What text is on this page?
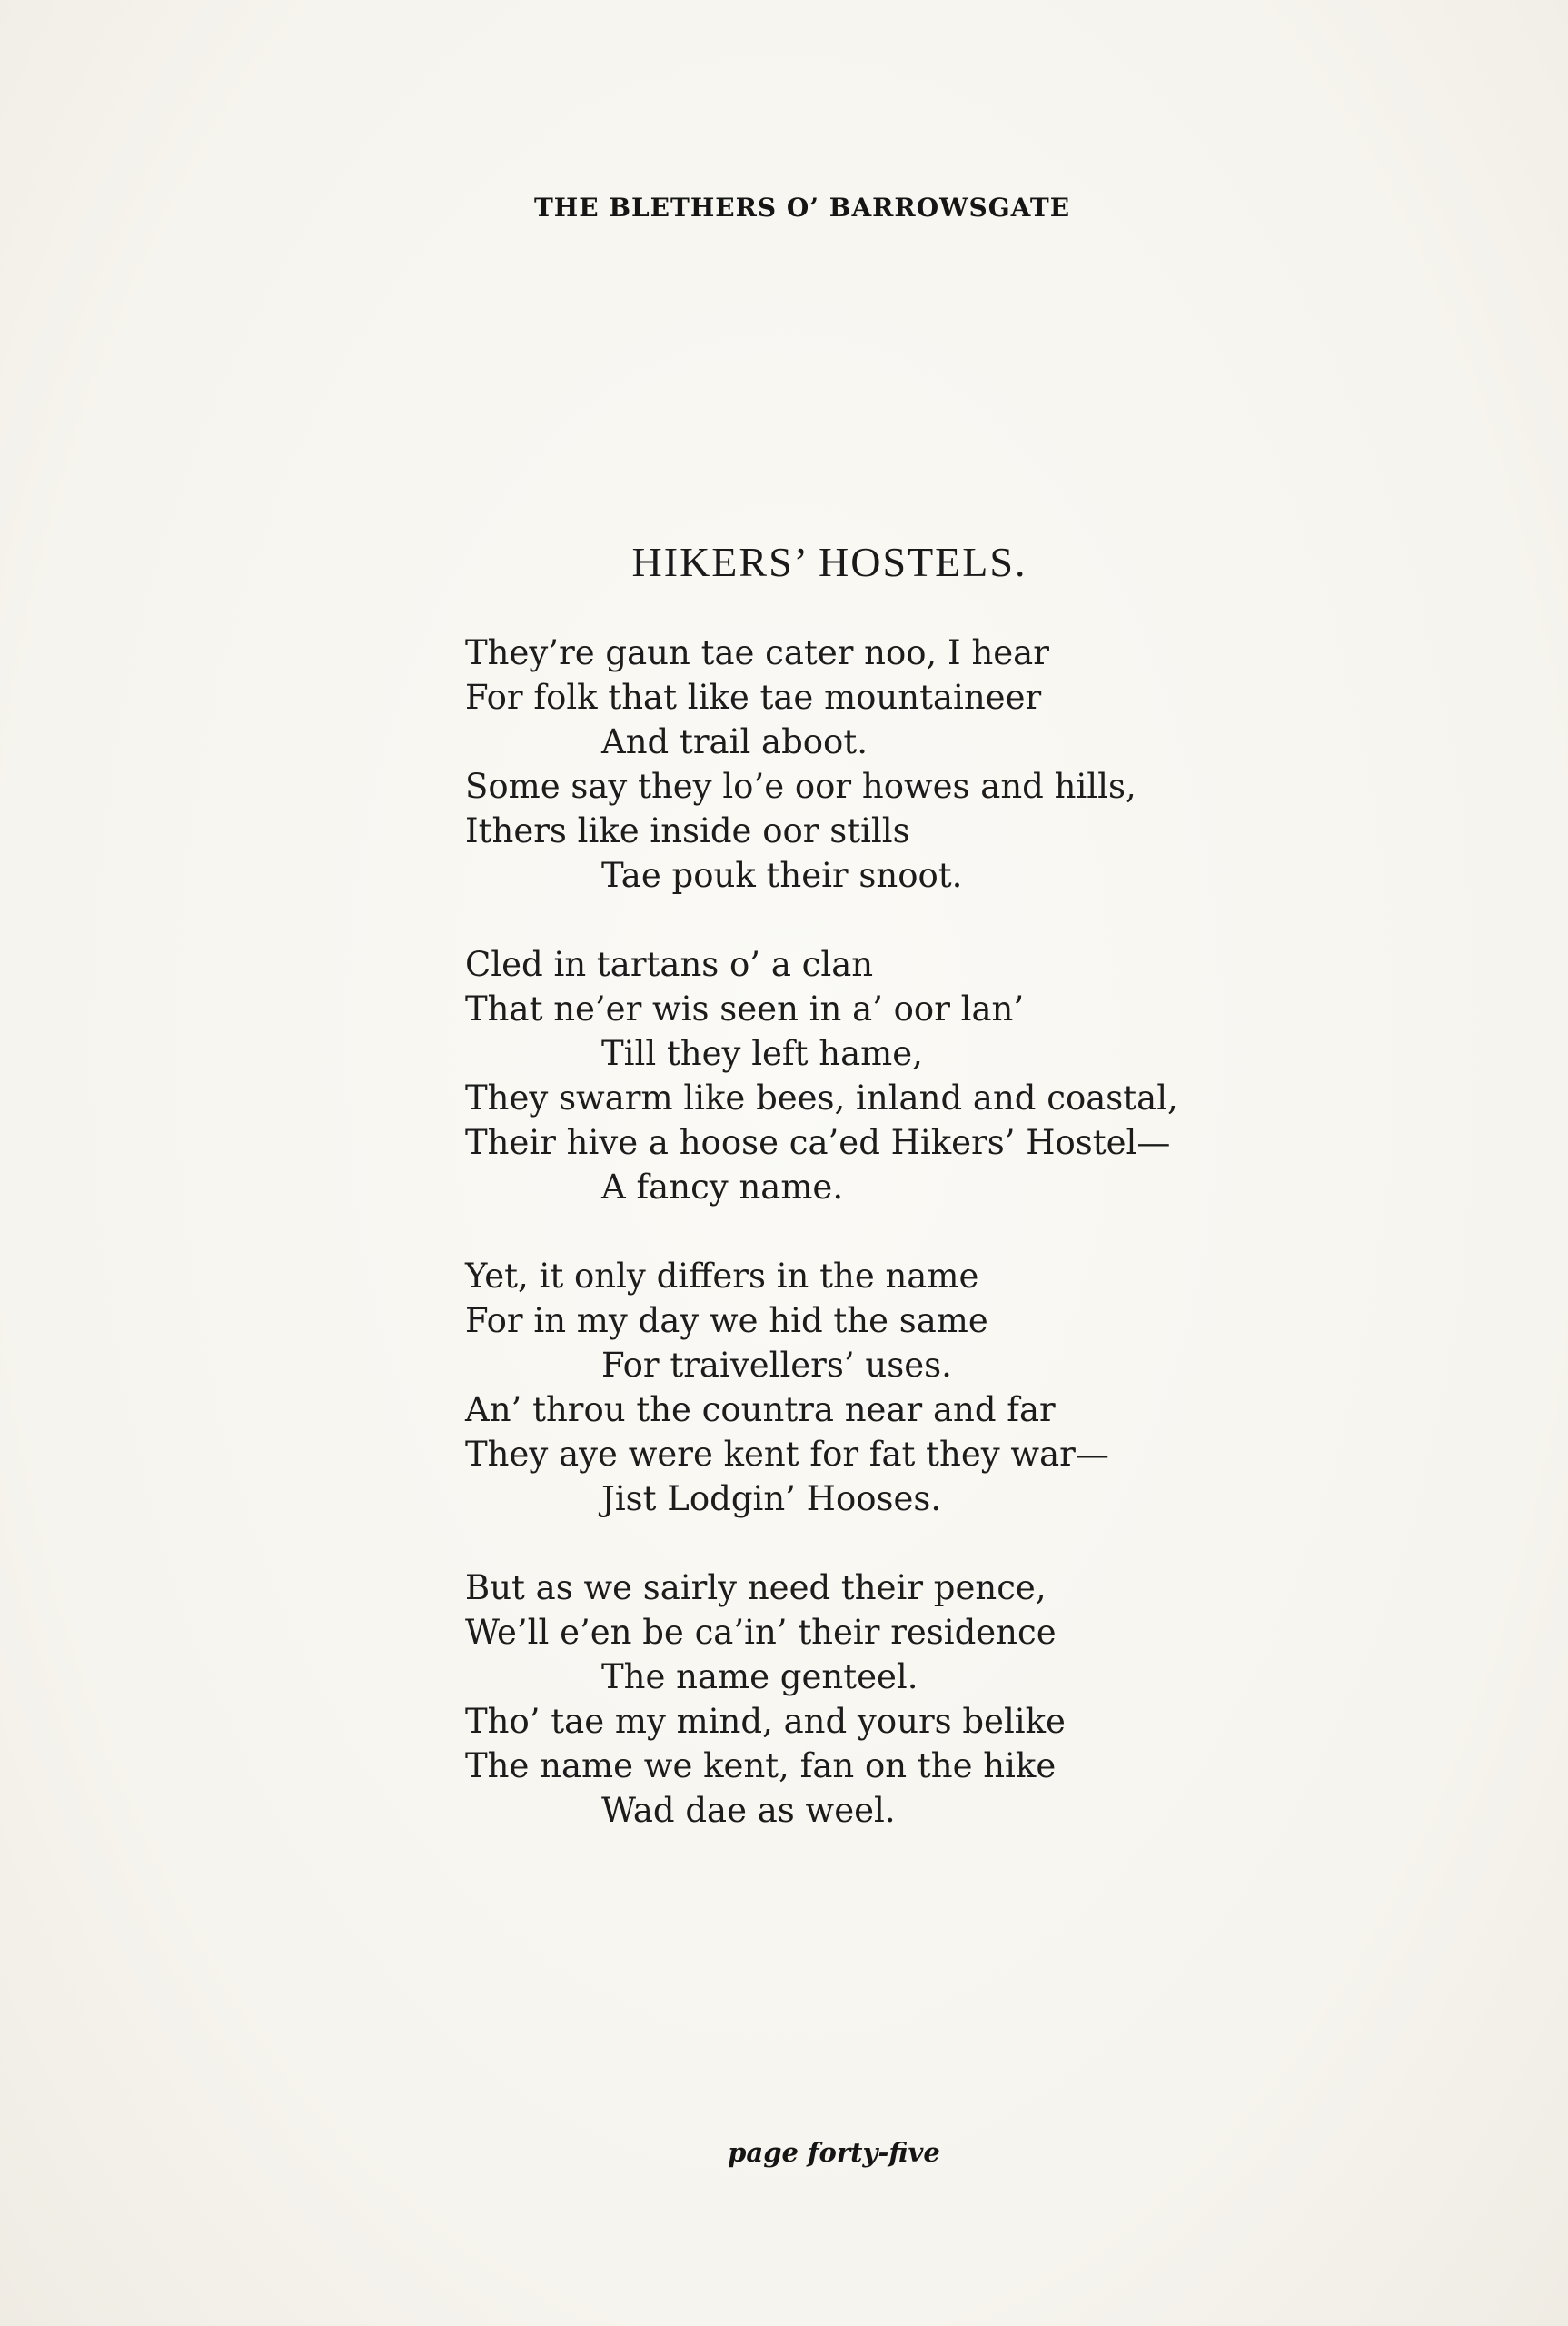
THE BLETHERS O’ BARROWSGATE
HIKERS’ HOSTELS.
They’re gaun tae cater noo, I hear
For folk that like tae mountaineer
And trail aboot.
Some say they lo’e oor howes and hills,
Ithers like inside oor stills
Tae pouk their snoot.
Cled in tartans o’ a clan
That ne’er wis seen in a’ oor lan’
Till they left hame,
They swarm like bees, inland and coastal,
Their hive a hoose ca’ed Hikers’ Hostel—
A fancy name.
Yet, it only differs in the name
For in my day we hid the same
For traivellers’ uses.
An’ throu the countra near and far
They aye were kent for fat they war—
Jist Lodgin’ Hooses.
But as we sairly need their pence,
We’ll e’en be ca’in’ their residence
The name genteel.
Tho’ tae my mind, and yours belike
The name we kent, fan on the hike
Wad dae as weel.
page forty-five
